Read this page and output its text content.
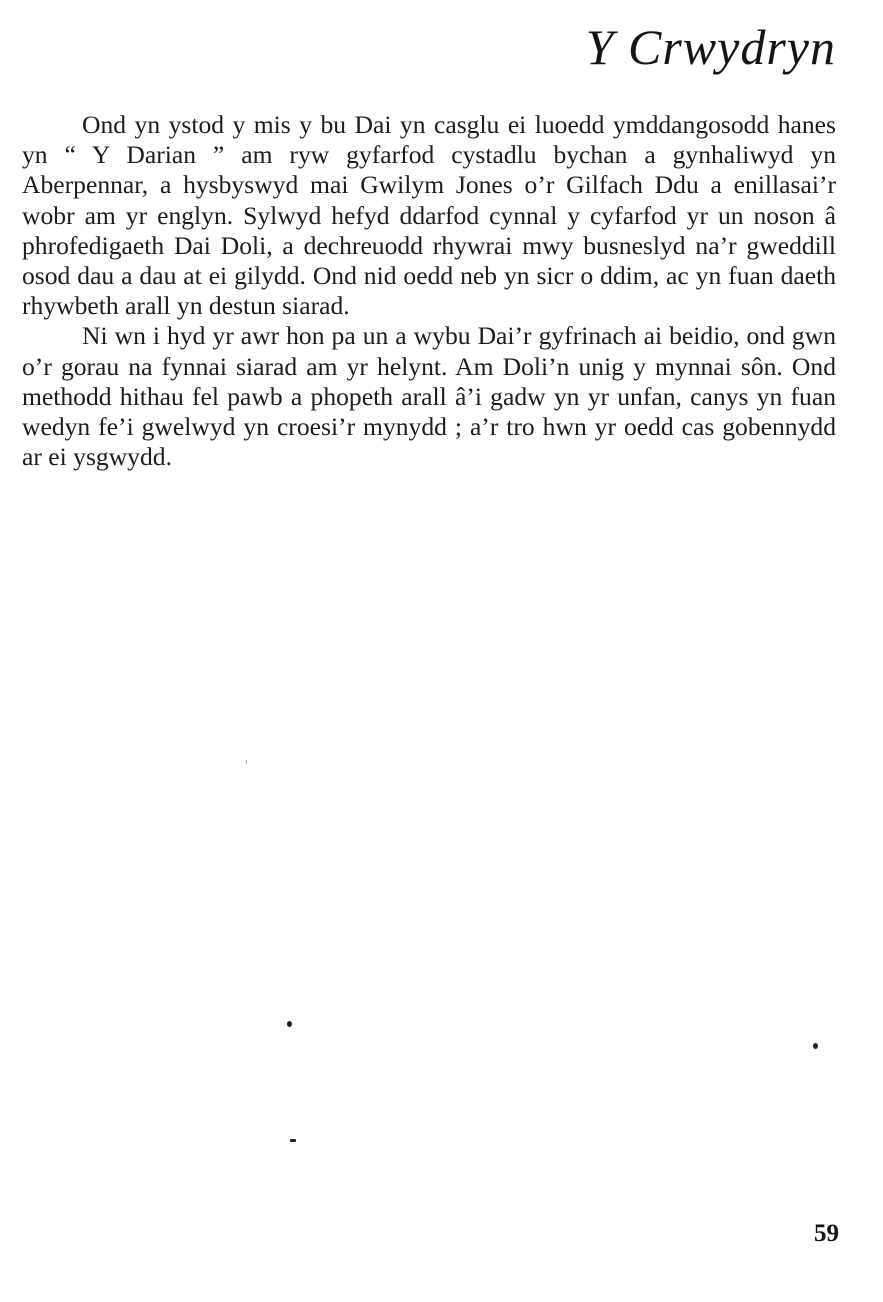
Y Crwydryn

Ond yn ystod y mis y bu Dai yn casglu ei luoedd ymddangosodd hanes yn “ Y Darian ” am ryw gyfarfod cystadlu bychan a gynhaliwyd yn Aberpennar, a hysbyswyd mai Gwilym Jones o’r Gilfach Ddu a enillasai’r wobr am yr englyn. Sylwyd hefyd ddarfod cynnal y cyfarfod yr un noson â phrofedigaeth Dai Doli, a dechreuodd rhywrai mwy busneslyd na’r gweddill osod dau a dau at ei gilydd. Ond nid oedd neb yn sicr o ddim, ac yn fuan daeth rhywbeth arall yn destun siarad.

Ni wn i hyd yr awr hon pa un a wybu Dai’r gyfrinach ai beidio, ond gwn o’r gorau na fynnai siarad am yr helynt. Am Doli’n unig y mynnai sôn. Ond methodd hithau fel pawb a phopeth arall â’i gadw yn yr unfan, canys yn fuan wedyn fe’i gwelwyd yn croesi’r mynydd ; a’r tro hwn yr oedd cas gobennydd ar ei ysgwydd.

59
